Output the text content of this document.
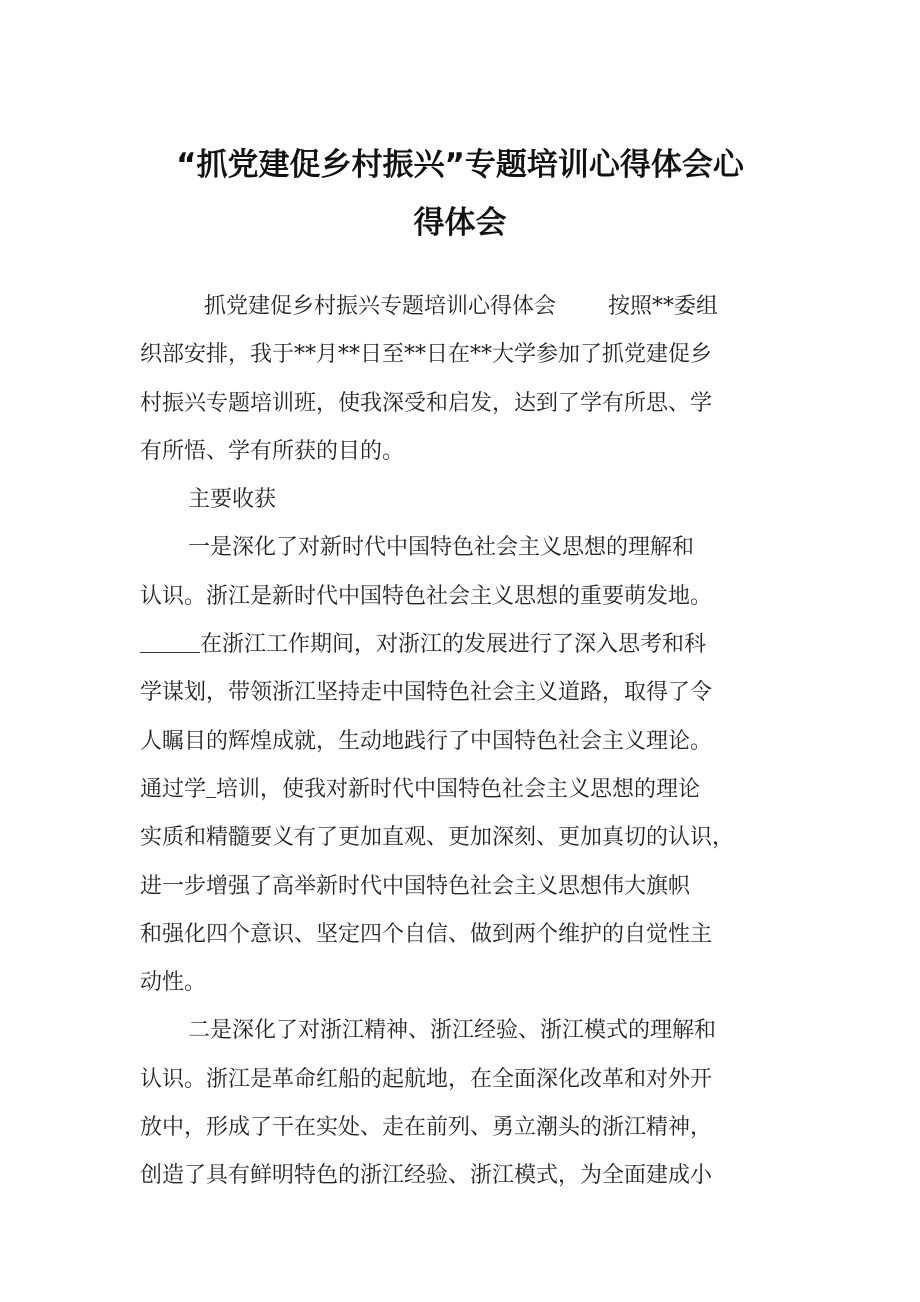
“抓党建促乡村振兴”专题培训心得体会心
得体会
抓党建促乡村振兴专题培训心得体会 按照**委组
织部安排，我于**月**日至**日在**大学参加了抓党建促乡
村振兴专题培训班，使我深受和启发，达到了学有所思、学
有所悟、学有所获的目的。
主要收获
一是深化了对新时代中国特色社会主义思想的理解和
认识。浙江是新时代中国特色社会主义思想的重要萌发地。
在浙江工作期间，对浙江的发展进行了深入思考和科
学谋划，带领浙江坚持走中国特色社会主义道路，取得了令
人瞩目的辉煌成就，生动地践行了中国特色社会主义理论。
通过学 培训，使我对新时代中国特色社会主义思想的理论
实质和精髓要义有了更加直观、更加深刻、更加真切的认识，
进一步增强了高举新时代中国特色社会主义思想伟大旗帜
和强化四个意识、坚定四个自信、做到两个维护的自觉性主
动性。
二是深化了对浙江精神、浙江经验、浙江模式的理解和
认识。浙江是革命红船的起航地，在全面深化改革和对外开
放中，形成了干在实处、走在前列、勇立潮头的浙江精神，
创造了具有鲜明特色的浙江经验、浙江模式，为全面建成小
